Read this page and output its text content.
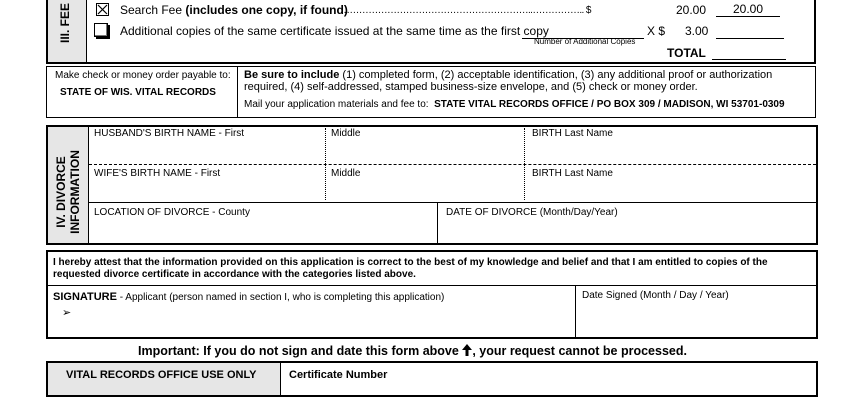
III. FEE	Search Fee (includes one copy, if found)
……………………………………………………..…………….. $	20.00	20.00
Additional copies of the same certificate issued at the same time as the first copy
Number of Additional Copies
X $ 3.00
TOTAL
Make check or money order payable to:
STATE OF WIS. VITAL RECORDS
Be sure to include (1) completed form, (2) acceptable identification, (3) any additional proof or authorization required, (4) self-addressed, stamped business-size envelope, and (5) check or money order.
Mail your application materials and fee to: STATE VITAL RECORDS OFFICE / PO BOX 309 / MADISON, WI 53701-0309
IV. DIVORCE
INFORMATION
HUSBAND'S BIRTH NAME - First	Middle	BIRTH Last Name
WIFE'S BIRTH NAME - First	Middle	BIRTH Last Name
LOCATION OF DIVORCE - County	DATE OF DIVORCE (Month/Day/Year)
I hereby attest that the information provided on this application is correct to the best of my knowledge and belief and that I am entitled to copies of the requested divorce certificate in accordance with the categories listed above.
SIGNATURE - Applicant (person named in section I, who is completing this application)
➢
Date Signed (Month / Day / Year)
Important: If you do not sign and date this form above , your request cannot be processed.
VITAL RECORDS OFFICE USE ONLY	Certificate Number
